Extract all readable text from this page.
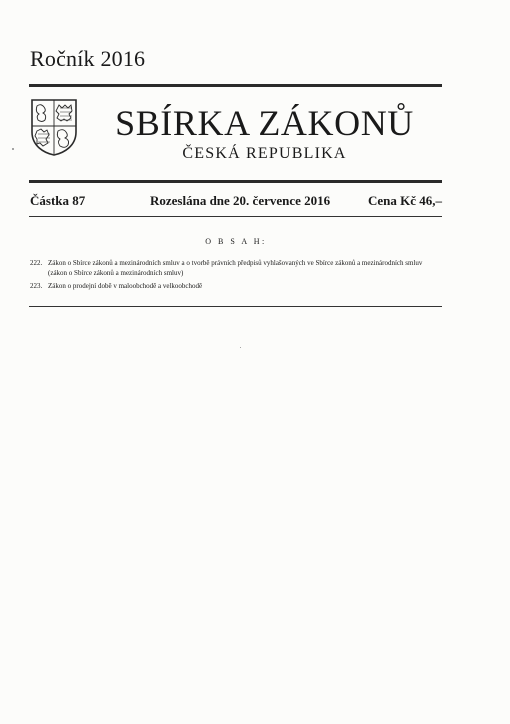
Ročník 2016
SBÍRKA ZÁKONŮ
ČESKÁ REPUBLIKA
Částka 87	Rozeslána dne 20. července 2016	Cena Kč 46,–
O B S A H:
222. Zákon o Sbírce zákonů a mezinárodních smluv a o tvorbě právních předpisů vyhlašovaných ve Sbírce zákonů a mezinárodních smluv (zákon o Sbírce zákonů a mezinárodních smluv)
223. Zákon o prodejní době v maloobchodě a velkoobchodě
